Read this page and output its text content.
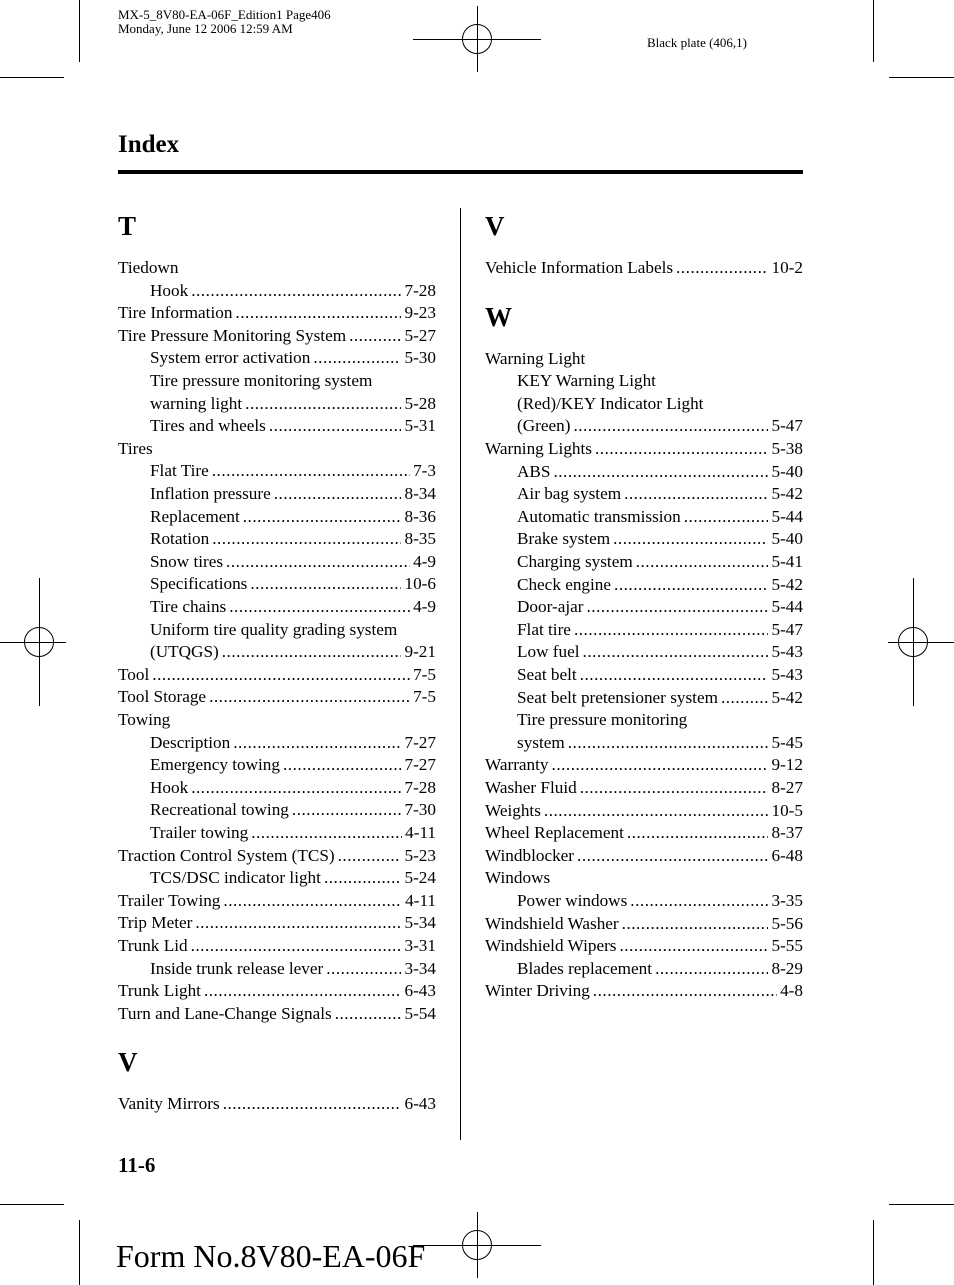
MX-5_8V80-EA-06F_Edition1 Page406
Monday, June 12 2006 12:59 AM
Black plate (406,1)
Index
T
Tiedown
Hook .....	7-28
Tire Information .....	9-23
Tire Pressure Monitoring System .....	5-27
System error activation .....	5-30
Tire pressure monitoring system
warning light .....	5-28
Tires and wheels .....	5-31
Tires
Flat Tire .....	7-3
Inflation pressure .....	8-34
Replacement .....	8-36
Rotation .....	8-35
Snow tires .....	4-9
Specifications .....	10-6
Tire chains .....	4-9
Uniform tire quality grading system
(UTQGS) .....	9-21
Tool .....	7-5
Tool Storage .....	7-5
Towing
Description .....	7-27
Emergency towing .....	7-27
Hook .....	7-28
Recreational towing .....	7-30
Trailer towing .....	4-11
Traction Control System (TCS) .....	5-23
TCS/DSC indicator light .....	5-24
Trailer Towing .....	4-11
Trip Meter .....	5-34
Trunk Lid .....	3-31
Inside trunk release lever .....	3-34
Trunk Light .....	6-43
Turn and Lane-Change Signals .....	5-54
V
Vanity Mirrors .....	6-43
V
Vehicle Information Labels .....	10-2
W
Warning Light
KEY Warning Light
(Red)/KEY Indicator Light
(Green) .....	5-47
Warning Lights .....	5-38
ABS .....	5-40
Air bag system .....	5-42
Automatic transmission .....	5-44
Brake system .....	5-40
Charging system .....	5-41
Check engine .....	5-42
Door-ajar .....	5-44
Flat tire .....	5-47
Low fuel .....	5-43
Seat belt .....	5-43
Seat belt pretensioner system .....	5-42
Tire pressure monitoring
system .....	5-45
Warranty .....	9-12
Washer Fluid .....	8-27
Weights .....	10-5
Wheel Replacement .....	8-37
Windblocker .....	6-48
Windows
Power windows .....	3-35
Windshield Washer .....	5-56
Windshield Wipers .....	5-55
Blades replacement .....	8-29
Winter Driving .....	4-8
11-6
Form No.8V80-EA-06F
